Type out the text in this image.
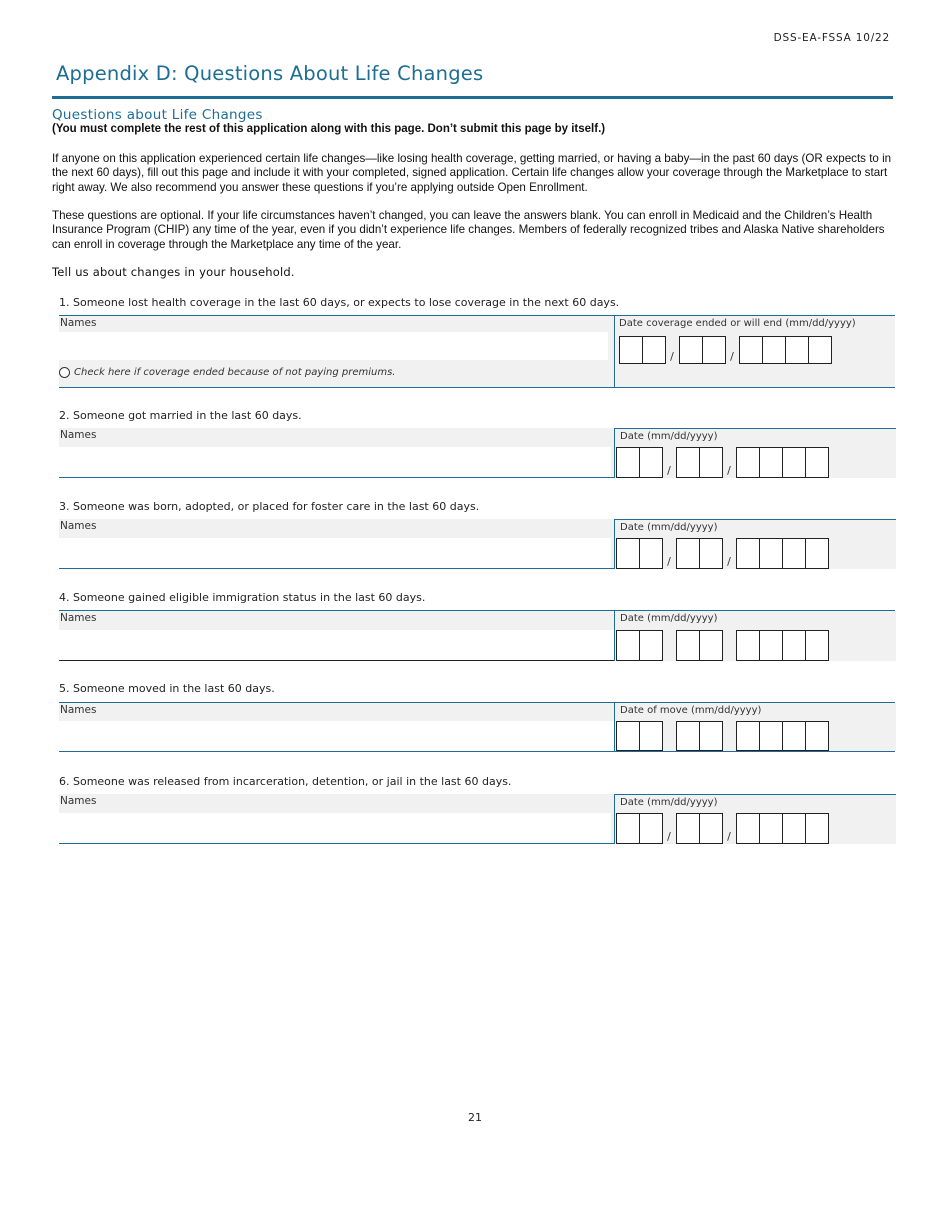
DSS-EA-FSSA 10/22
Appendix D: Questions About Life Changes
Questions about Life Changes
(You must complete the rest of this application along with this page. Don’t submit this page by itself.)
If anyone on this application experienced certain life changes—like losing health coverage, getting married, or having a baby—in the past 60 days (OR expects to in the next 60 days), fill out this page and include it with your completed, signed application. Certain life changes allow your coverage through the Marketplace to start right away. We also recommend you answer these questions if you’re applying outside Open Enrollment.
These questions are optional. If your life circumstances haven’t changed, you can leave the answers blank. You can enroll in Medicaid and the Children’s Health Insurance Program (CHIP) any time of the year, even if you didn’t experience life changes. Members of federally recognized tribes and Alaska Native shareholders can enroll in coverage through the Marketplace any time of the year.
Tell us about changes in your household.
1. Someone lost health coverage in the last 60 days, or expects to lose coverage in the next 60 days.
Names
Check here if coverage ended because of not paying premiums.
Date coverage ended or will end (mm/dd/yyyy)
/	/
2. Someone got married in the last 60 days.
Names	Date (mm/dd/yyyy)
/	/
3. Someone was born, adopted, or placed for foster care in the last 60 days.
Names	Date (mm/dd/yyyy)
/	/
4. Someone gained eligible immigration status in the last 60 days.
Names	Date (mm/dd/yyyy)
5. Someone moved in the last 60 days.
Names	Date of move (mm/dd/yyyy)
6. Someone was released from incarceration, detention, or jail in the last 60 days.
Names	Date (mm/dd/yyyy)
/	/
21
